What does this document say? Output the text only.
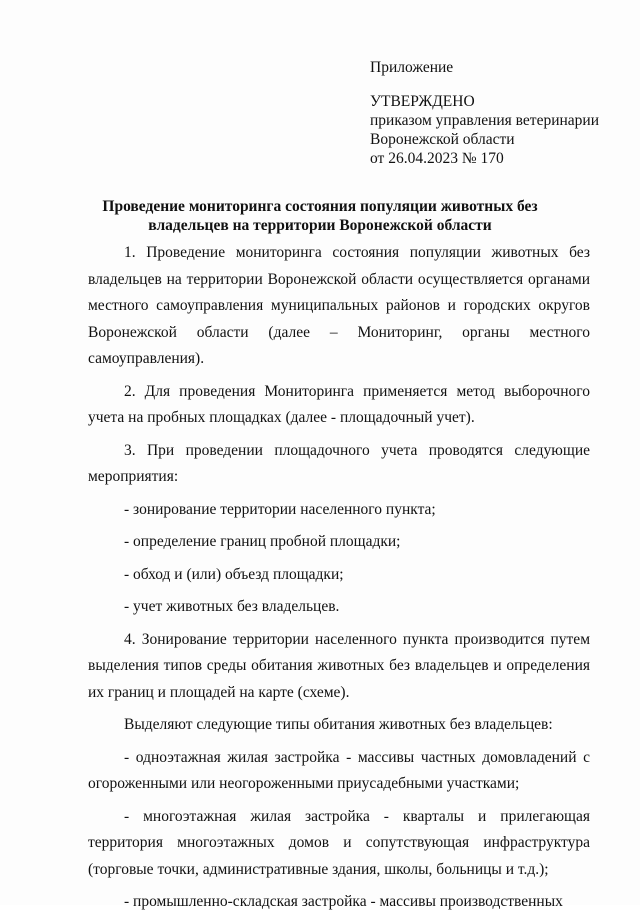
Приложение
УТВЕРЖДЕНО
приказом управления ветеринарии
Воронежской области
от 26.04.2023 № 170
Проведение мониторинга состояния популяции животных без владельцев на территории Воронежской области

1. Проведение мониторинга состояния популяции животных без владельцев на территории Воронежской области осуществляется органами местного самоуправления муниципальных районов и городских округов Воронежской области (далее – Мониторинг, органы местного самоуправления).

2. Для проведения Мониторинга применяется метод выборочного учета на пробных площадках (далее - площадочный учет).

3. При проведении площадочного учета проводятся следующие мероприятия:

- зонирование территории населенного пункта;

- определение границ пробной площадки;

- обход и (или) объезд площадки;

- учет животных без владельцев.

4. Зонирование территории населенного пункта производится путем выделения типов среды обитания животных без владельцев и определения их границ и площадей на карте (схеме).

Выделяют следующие типы обитания животных без владельцев:

- одноэтажная жилая застройка - массивы частных домовладений с огороженными или неогороженными приусадебными участками;

- многоэтажная жилая застройка - кварталы и прилегающая территория многоэтажных домов и сопутствующая инфраструктура (торговые точки, административные здания, школы, больницы и т.д.);

- промышленно-складская застройка - массивы производственных
